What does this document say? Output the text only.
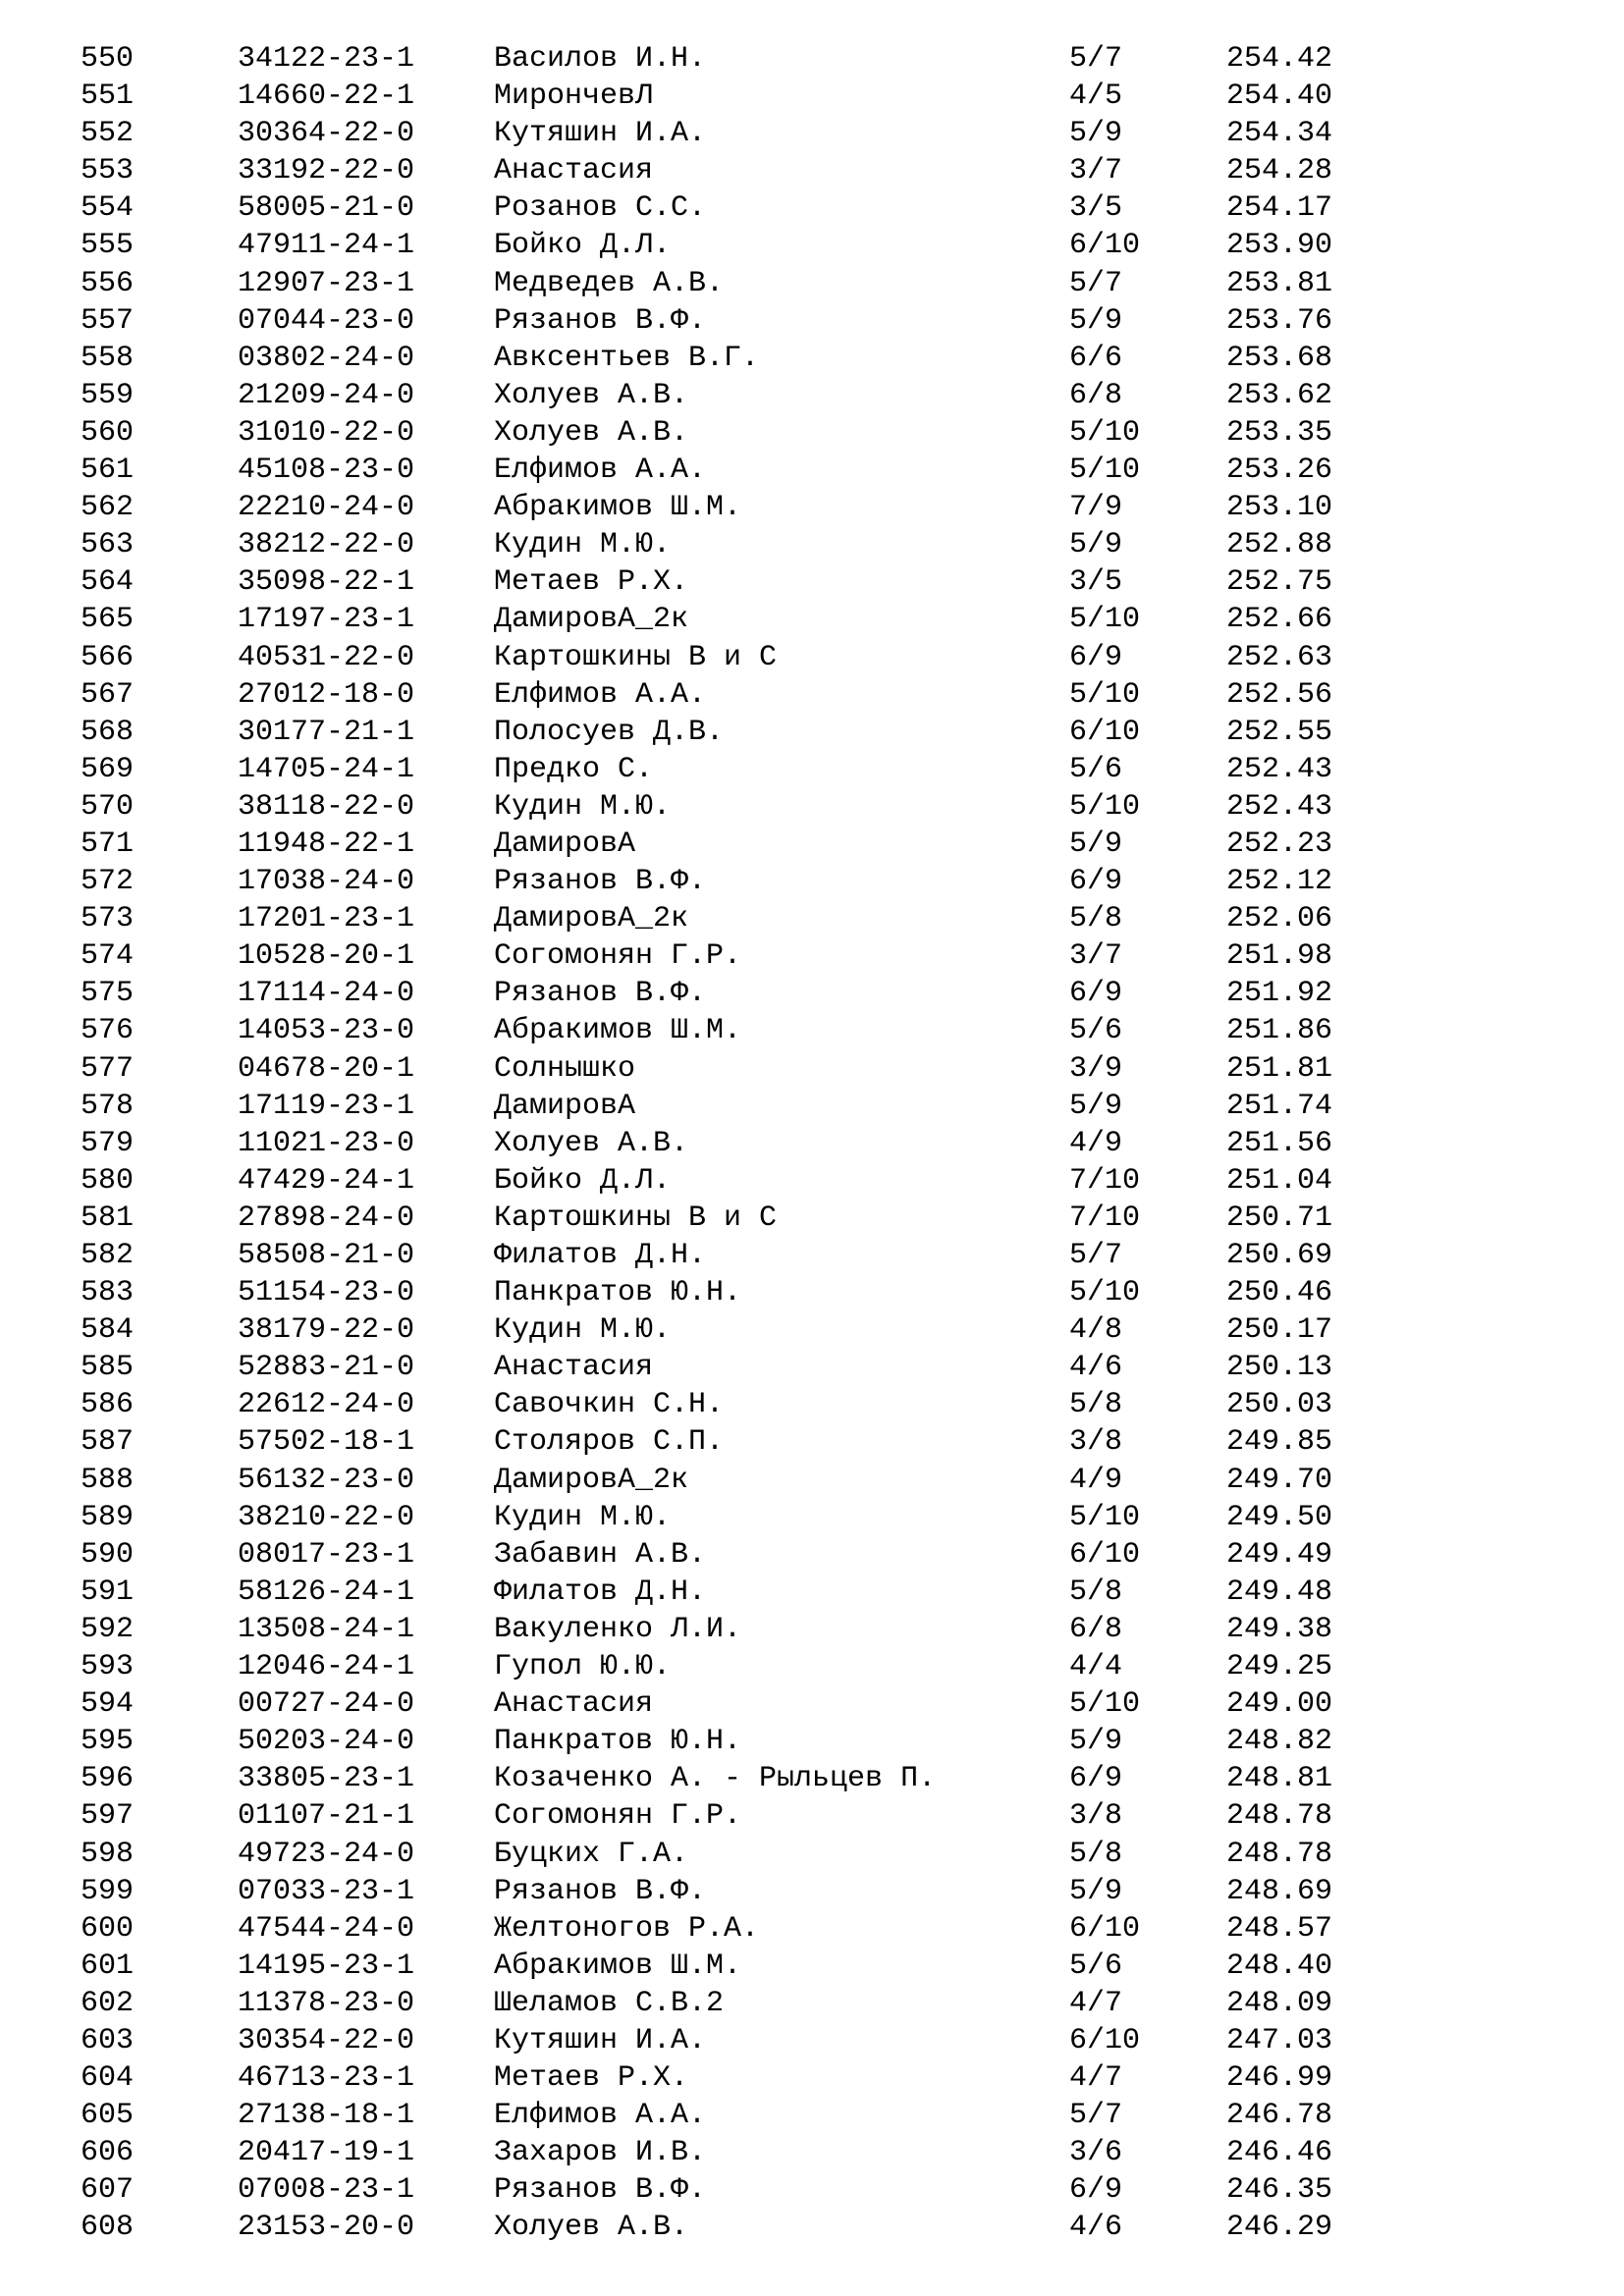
550	34122-23-1	Василов И.Н.	5/7	254.42
551	14660-22-1	МирончевЛ	4/5	254.40
552	30364-22-0	Кутяшин И.А.	5/9	254.34
553	33192-22-0	Анастасия	3/7	254.28
554	58005-21-0	Розанов С.С.	3/5	254.17
555	47911-24-1	Бойко Д.Л.	6/10	253.90
556	12907-23-1	Медведев А.В.	5/7	253.81
557	07044-23-0	Рязанов В.Ф.	5/9	253.76
558	03802-24-0	Авксентьев В.Г.	6/6	253.68
559	21209-24-0	Холуев А.В.	6/8	253.62
560	31010-22-0	Холуев А.В.	5/10	253.35
561	45108-23-0	Елфимов А.А.	5/10	253.26
562	22210-24-0	Абракимов Ш.М.	7/9	253.10
563	38212-22-0	Кудин М.Ю.	5/9	252.88
564	35098-22-1	Метаев Р.Х.	3/5	252.75
565	17197-23-1	ДамировА_2к	5/10	252.66
566	40531-22-0	Картошкины В и С	6/9	252.63
567	27012-18-0	Елфимов А.А.	5/10	252.56
568	30177-21-1	Полосуев Д.В.	6/10	252.55
569	14705-24-1	Предко С.	5/6	252.43
570	38118-22-0	Кудин М.Ю.	5/10	252.43
571	11948-22-1	ДамировА	5/9	252.23
572	17038-24-0	Рязанов В.Ф.	6/9	252.12
573	17201-23-1	ДамировА_2к	5/8	252.06
574	10528-20-1	Согомонян Г.Р.	3/7	251.98
575	17114-24-0	Рязанов В.Ф.	6/9	251.92
576	14053-23-0	Абракимов Ш.М.	5/6	251.86
577	04678-20-1	Солнышко	3/9	251.81
578	17119-23-1	ДамировА	5/9	251.74
579	11021-23-0	Холуев А.В.	4/9	251.56
580	47429-24-1	Бойко Д.Л.	7/10	251.04
581	27898-24-0	Картошкины В и С	7/10	250.71
582	58508-21-0	Филатов Д.Н.	5/7	250.69
583	51154-23-0	Панкратов Ю.Н.	5/10	250.46
584	38179-22-0	Кудин М.Ю.	4/8	250.17
585	52883-21-0	Анастасия	4/6	250.13
586	22612-24-0	Савочкин С.Н.	5/8	250.03
587	57502-18-1	Столяров С.П.	3/8	249.85
588	56132-23-0	ДамировА_2к	4/9	249.70
589	38210-22-0	Кудин М.Ю.	5/10	249.50
590	08017-23-1	Забавин А.В.	6/10	249.49
591	58126-24-1	Филатов Д.Н.	5/8	249.48
592	13508-24-1	Вакуленко Л.И.	6/8	249.38
593	12046-24-1	Гупол Ю.Ю.	4/4	249.25
594	00727-24-0	Анастасия	5/10	249.00
595	50203-24-0	Панкратов Ю.Н.	5/9	248.82
596	33805-23-1	Козаченко А. - Рыльцев П.	6/9	248.81
597	01107-21-1	Согомонян Г.Р.	3/8	248.78
598	49723-24-0	Буцких Г.А.	5/8	248.78
599	07033-23-1	Рязанов В.Ф.	5/9	248.69
600	47544-24-0	Желтоногов Р.А.	6/10	248.57
601	14195-23-1	Абракимов Ш.М.	5/6	248.40
602	11378-23-0	Шеламов С.В.2	4/7	248.09
603	30354-22-0	Кутяшин И.А.	6/10	247.03
604	46713-23-1	Метаев Р.Х.	4/7	246.99
605	27138-18-1	Елфимов А.А.	5/7	246.78
606	20417-19-1	Захаров И.В.	3/6	246.46
607	07008-23-1	Рязанов В.Ф.	6/9	246.35
608	23153-20-0	Холуев А.В.	4/6	246.29
